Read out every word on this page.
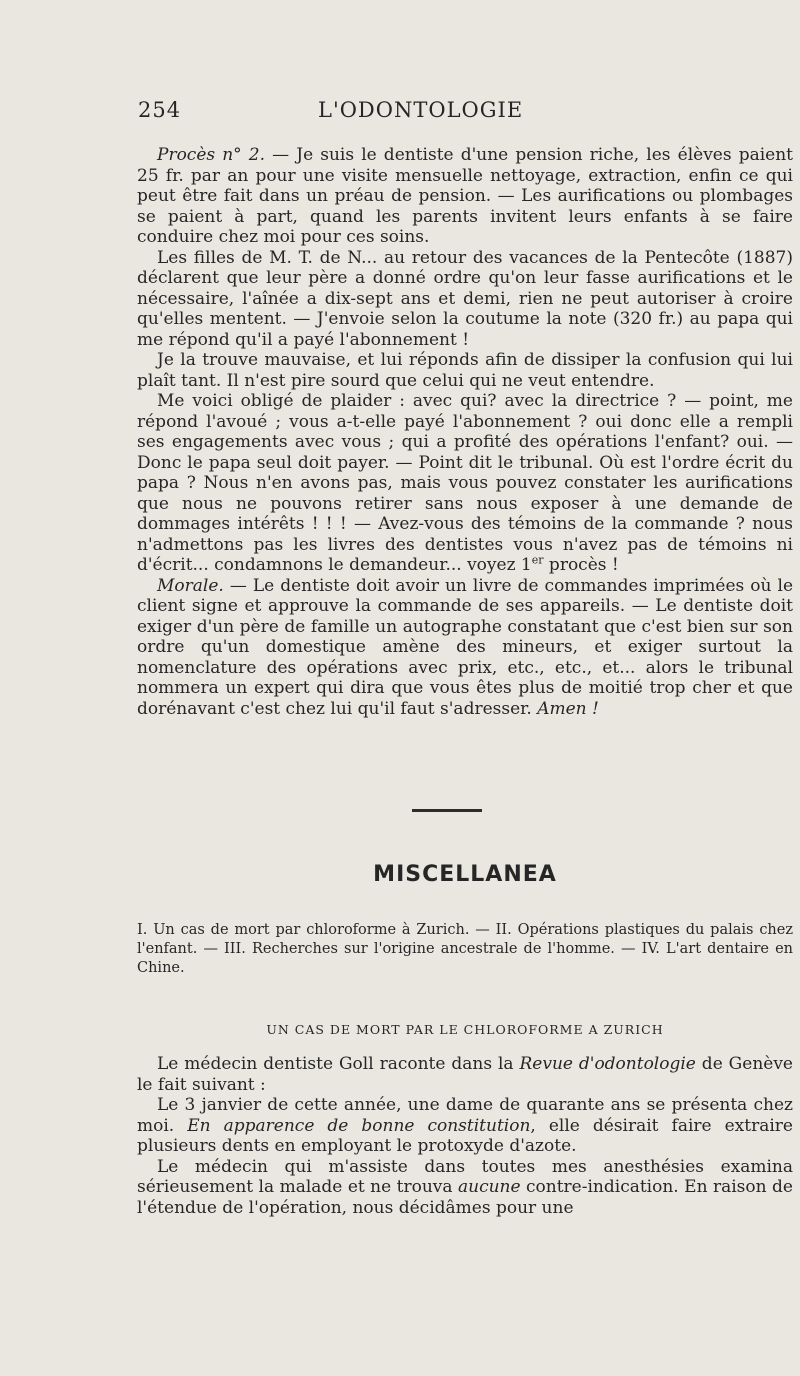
254	L'ODONTOLOGIE

Procès n° 2. — Je suis le dentiste d'une pension riche, les élèves paient 25 fr. par an pour une visite mensuelle nettoyage, extraction, enfin ce qui peut être fait dans un préau de pension. — Les aurifications ou plombages se paient à part, quand les parents invitent leurs enfants à se faire conduire chez moi pour ces soins.

Les filles de M. T. de N... au retour des vacances de la Pentecôte (1887) déclarent que leur père a donné ordre qu'on leur fasse aurifications et le nécessaire, l'aînée a dix-sept ans et demi, rien ne peut autoriser à croire qu'elles mentent. — J'envoie selon la coutume la note (320 fr.) au papa qui me répond qu'il a payé l'abonnement !

Je la trouve mauvaise, et lui réponds afin de dissiper la confusion qui lui plaît tant. Il n'est pire sourd que celui qui ne veut entendre.

Me voici obligé de plaider : avec qui? avec la directrice ? — point, me répond l'avoué ; vous a-t-elle payé l'abonnement ? oui donc elle a rempli ses engagements avec vous ; qui a profité des opérations l'enfant? oui. — Donc le papa seul doit payer. — Point dit le tribunal. Où est l'ordre écrit du papa ? Nous n'en avons pas, mais vous pouvez constater les aurifications que nous ne pouvons retirer sans nous exposer à une demande de dommages intérêts ! ! ! — Avez-vous des témoins de la commande ? nous n'admettons pas les livres des dentistes vous n'avez pas de témoins ni d'écrit... condamnons le demandeur... voyez 1er procès !

Morale. — Le dentiste doit avoir un livre de commandes imprimées où le client signe et approuve la commande de ses appareils. — Le dentiste doit exiger d'un père de famille un autographe constatant que c'est bien sur son ordre qu'un domestique amène des mineurs, et exiger surtout la nomenclature des opérations avec prix, etc., etc., et... alors le tribunal nommera un expert qui dira que vous êtes plus de moitié trop cher et que dorénavant c'est chez lui qu'il faut s'adresser. Amen !

MISCELLANEA
I. Un cas de mort par chloroforme à Zurich. — II. Opérations plastiques du palais chez l'enfant. — III. Recherches sur l'origine ancestrale de l'homme. — IV. L'art dentaire en Chine.
UN CAS DE MORT PAR LE CHLOROFORME A ZURICH

Le médecin dentiste Goll raconte dans la Revue d'odontologie de Genève le fait suivant :

Le 3 janvier de cette année, une dame de quarante ans se présenta chez moi. En apparence de bonne constitution, elle désirait faire extraire plusieurs dents en employant le protoxyde d'azote.

Le médecin qui m'assiste dans toutes mes anesthésies examina sérieusement la malade et ne trouva aucune contre-indication. En raison de l'étendue de l'opération, nous décidâmes pour une
